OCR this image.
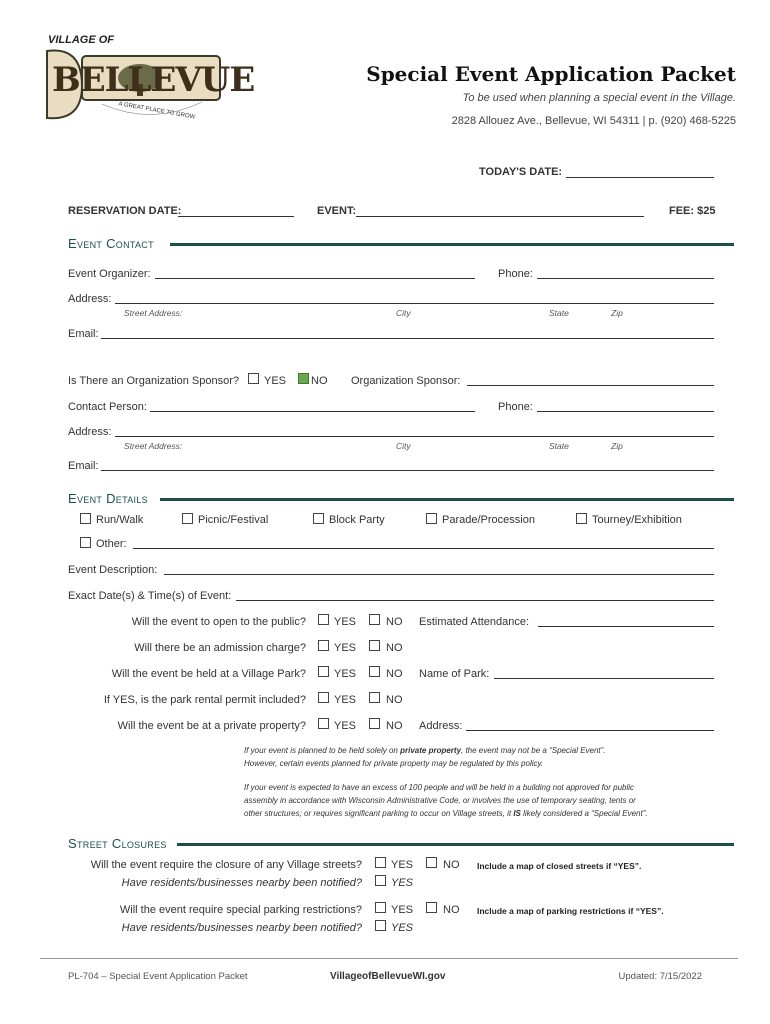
VILLAGE OF
BELLEVUE
A GREAT PLACE TO GROW
Special Event Application Packet
To be used when planning a special event in the Village.
2828 Allouez Ave., Bellevue, WI 54311 | p. (920) 468-5225
TODAY'S DATE:
RESERVATION DATE:	EVENT:	FEE: $25
Event Contact
Event Organizer:	Phone:
Address:
Street Address:	City	State	Zip
Email:
Is There an Organization Sponsor? YES NO Organization Sponsor:
Contact Person:	Phone:
Address:
Street Address:	City	State	Zip
Email:
Event Details
Run/Walk	Picnic/Festival	Block Party	Parade/Procession	Tourney/Exhibition
Other:
Event Description:
Exact Date(s) & Time(s) of Event:
Will the event to open to the public?	YES	NO Estimated Attendance:
Will there be an admission charge?	YES	NO
Will the event be held at a Village Park?	YES	NO Name of Park:
If YES, is the park rental permit included?	YES	NO
Will the event be at a private property?	YES	NO Address:
If your event is planned to be held solely on private property, the event may not be a “Special Event”.
However, certain events planned for private property may be regulated by this policy.
If your event is expected to have an excess of 100 people and will be held in a building not approved for public
assembly in accordance with Wisconsin Administrative Code, or involves the use of temporary seating, tents or
other structures; or requires significant parking to occur on Village streets, it IS likely considered a “Special Event”.
Street Closures
Will the event require the closure of any Village streets?	YES	NO Include a map of closed streets if “YES”.
Have residents/businesses nearby been notified?	YES
Will the event require special parking restrictions?	YES	NO Include a map of parking restrictions if “YES”.
Have residents/businesses nearby been notified?	YES
PL-704 – Special Event Application Packet	VillageofBellevueWI.gov	Updated: 7/15/2022
